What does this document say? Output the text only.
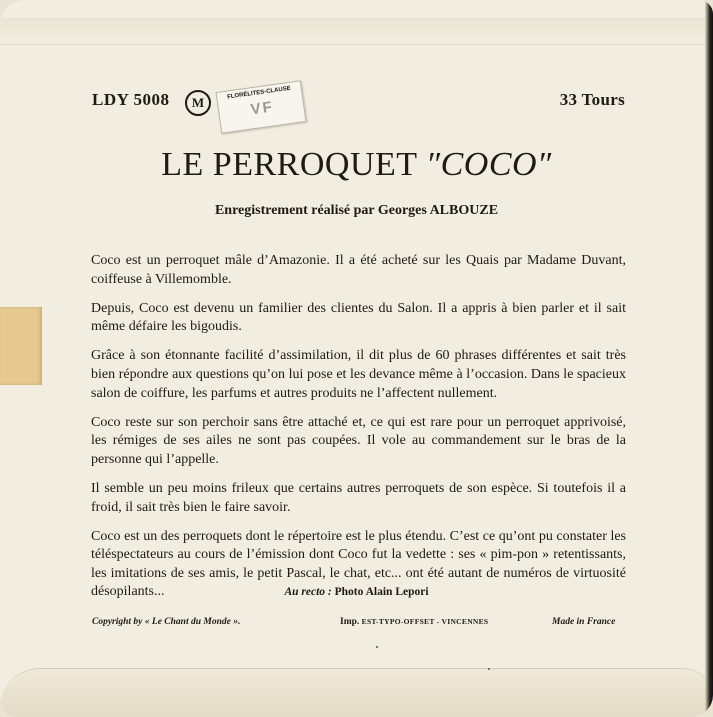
LDY 5008	M
FLORÉLITES-CLAUSE
VF	33 Tours
LE PERROQUET ″COCO″
Enregistrement réalisé par Georges ALBOUZE

Coco est un perroquet mâle d’Amazonie. Il a été acheté sur les Quais par Madame Duvant, coiffeuse à Villemomble.

Depuis, Coco est devenu un familier des clientes du Salon. Il a appris à bien parler et il sait même défaire les bigoudis.

Grâce à son étonnante facilité d’assimilation, il dit plus de 60 phrases différentes et sait très bien répondre aux questions qu’on lui pose et les devance même à l’occasion. Dans le spacieux salon de coiffure, les parfums et autres produits ne l’affectent nullement.

Coco reste sur son perchoir sans être attaché et, ce qui est rare pour un perroquet apprivoisé, les rémiges de ses ailes ne sont pas coupées. Il vole au commandement sur le bras de la personne qui l’appelle.

Il semble un peu moins frileux que certains autres perroquets de son espèce. Si toutefois il a froid, il sait très bien le faire savoir.

Coco est un des perroquets dont le répertoire est le plus étendu. C’est ce qu’ont pu constater les téléspectateurs au cours de l’émission dont Coco fut la vedette : ses « pim-pon » retentissants, les imitations de ses amis, le petit Pascal, le chat, etc... ont été autant de numéros de virtuosité désopilants...	Au recto : Photo Alain Lepori
Copyright by « Le Chant du Monde ».	Imp. EST-TYPO-OFFSET - VINCENNES	Made in France
